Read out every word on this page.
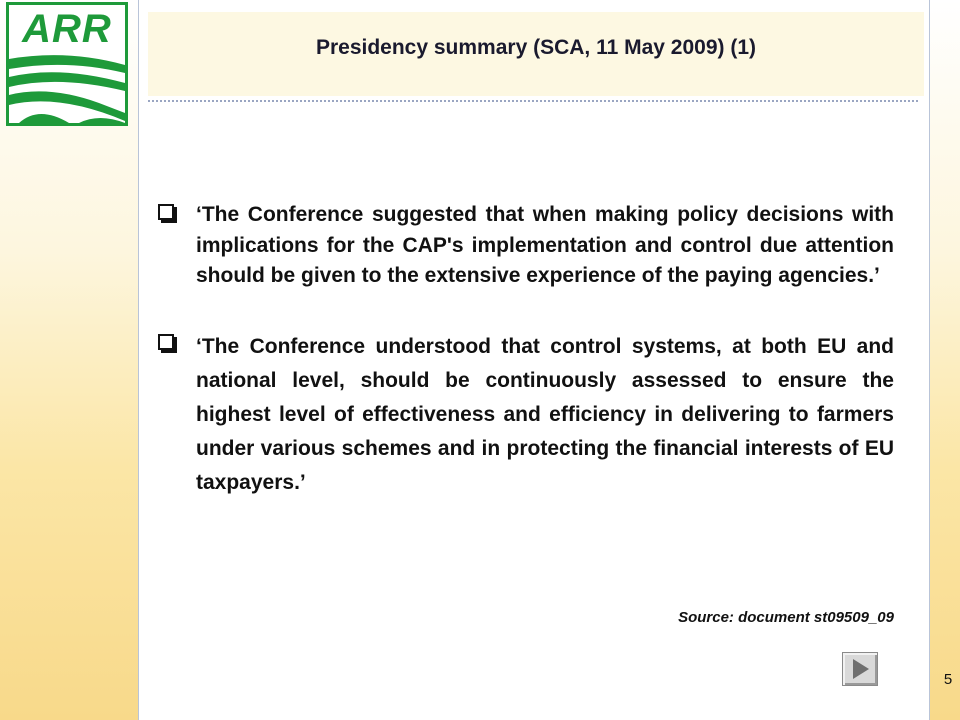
ARR	Presidency summary (SCA, 11 May 2009) (1)
‘The Conference suggested that when making policy decisions with implications for the CAP's implementation and control due attention should be given to the extensive experience of the paying agencies.’
‘The Conference understood that control systems, at both EU and national level, should be continuously assessed to ensure the highest level of effectiveness and efficiency in delivering to farmers under various schemes and in protecting the financial interests of EU taxpayers.’
Source: document st09509_09
5
